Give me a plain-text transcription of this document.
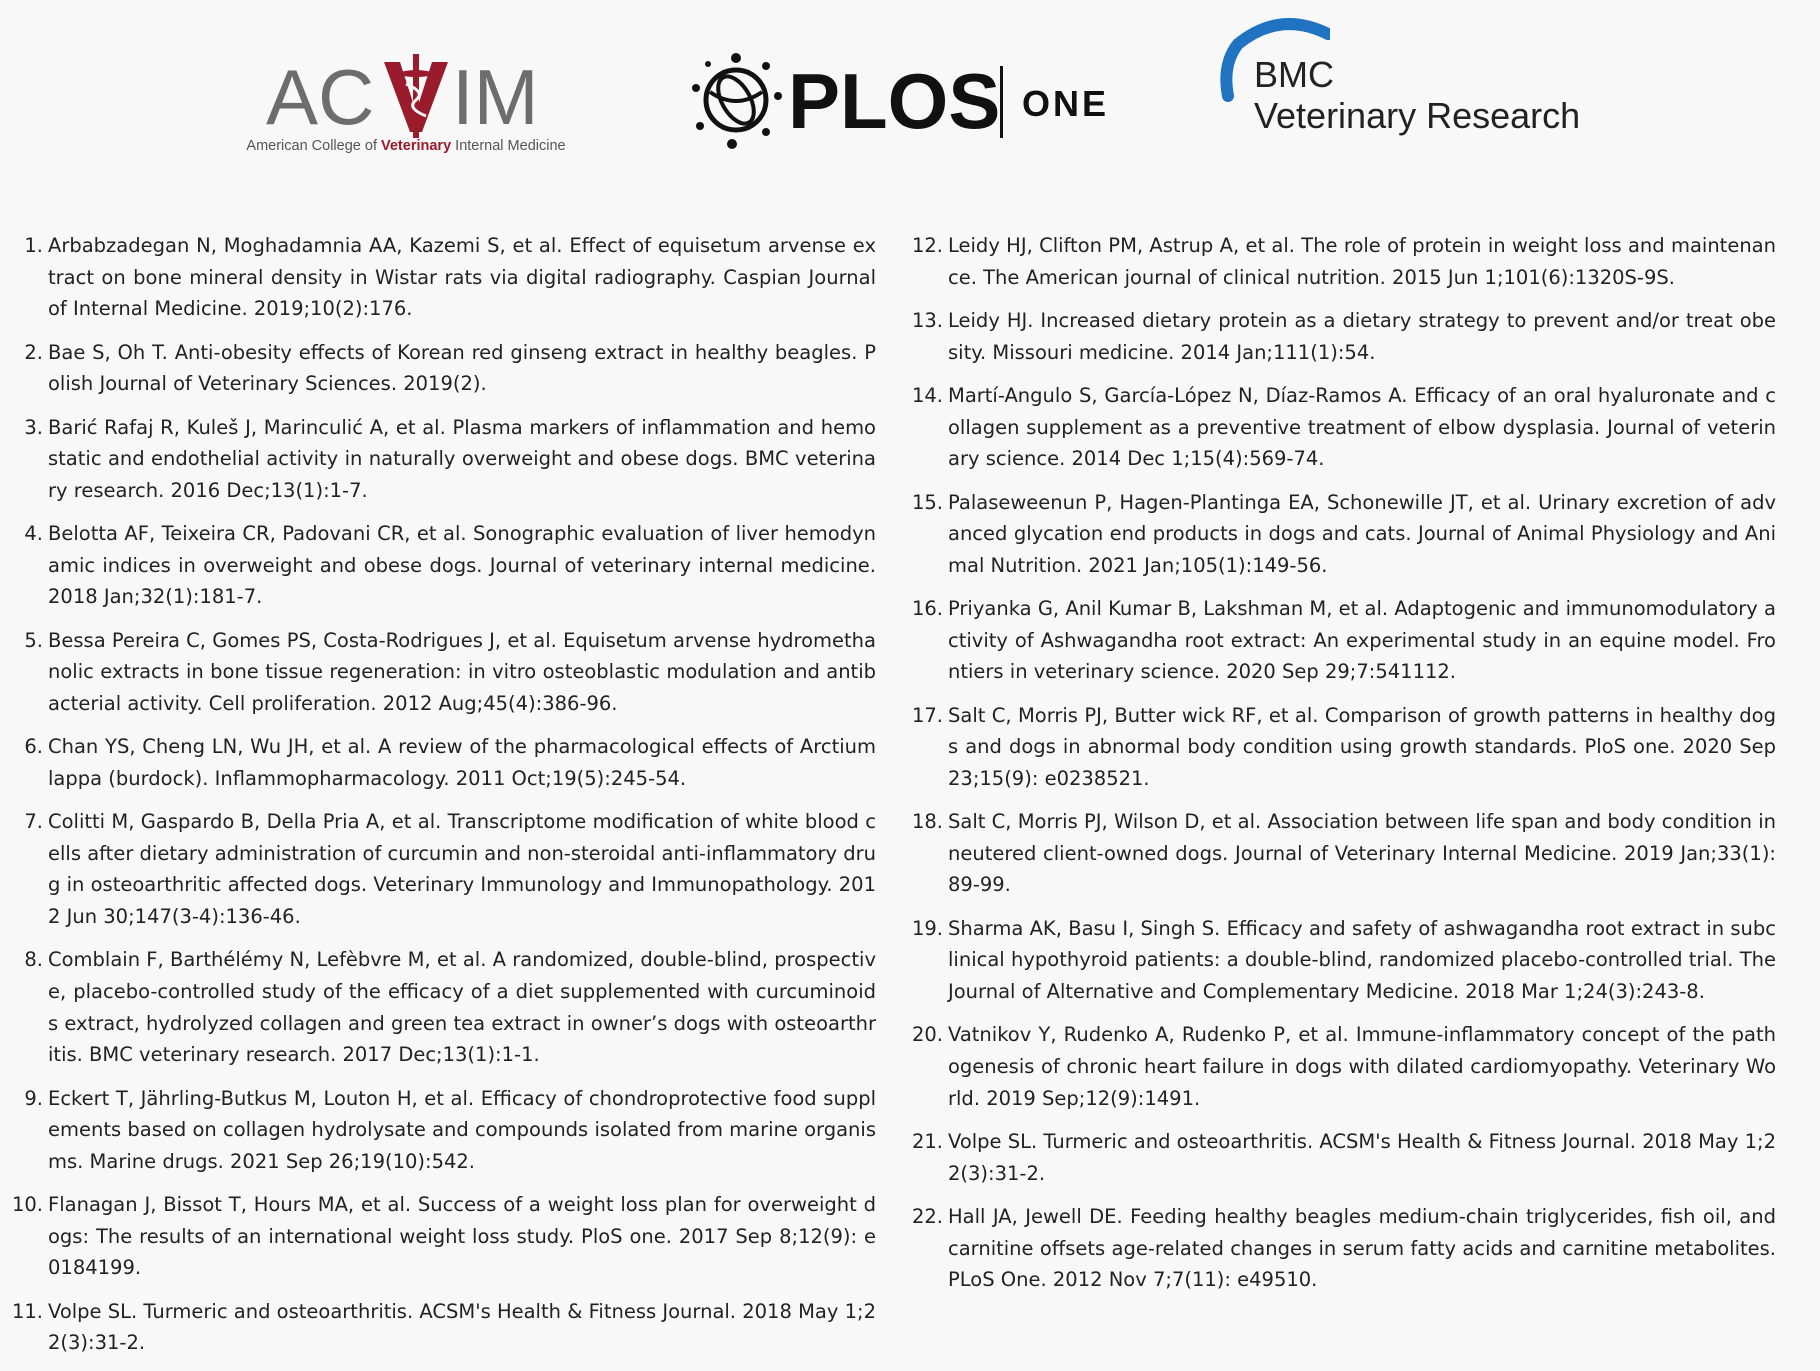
AC IM
American College of Veterinary Internal Medicine
PLOS ONE
BMC
Veterinary Research
1. Arbabzadegan N, Moghadamnia AA, Kazemi S, et al. Effect of equisetum arvense extract on bone mineral density in Wistar rats via digital radiography. Caspian Journal of Internal Medicine. 2019;10(2):176.
2. Bae S, Oh T. Anti-obesity effects of Korean red ginseng extract in healthy beagles. Polish Journal of Veterinary Sciences. 2019(2).
3. Barić Rafaj R, Kuleš J, Marinculić A, et al. Plasma markers of inflammation and hemostatic and endothelial activity in naturally overweight and obese dogs. BMC veterinary research. 2016 Dec;13(1):1-7.
4. Belotta AF, Teixeira CR, Padovani CR, et al. Sonographic evaluation of liver hemodynamic indices in overweight and obese dogs. Journal of veterinary internal medicine. 2018 Jan;32(1):181-7.
5. Bessa Pereira C, Gomes PS, Costa-Rodrigues J, et al. Equisetum arvense hydromethanolic extracts in bone tissue regeneration: in vitro osteoblastic modulation and antibacterial activity. Cell proliferation. 2012 Aug;45(4):386-96.
6. Chan YS, Cheng LN, Wu JH, et al. A review of the pharmacological effects of Arctium lappa (burdock). Inflammopharmacology. 2011 Oct;19(5):245-54.
7. Colitti M, Gaspardo B, Della Pria A, et al. Transcriptome modification of white blood cells after dietary administration of curcumin and non-steroidal anti-inflammatory drug in osteoarthritic affected dogs. Veterinary Immunology and Immunopathology. 2012 Jun 30;147(3-4):136-46.
8. Comblain F, Barthélémy N, Lefèbvre M, et al. A randomized, double-blind, prospective, placebo-controlled study of the efficacy of a diet supplemented with curcuminoids extract, hydrolyzed collagen and green tea extract in owner’s dogs with osteoarthritis. BMC veterinary research. 2017 Dec;13(1):1-1.
9. Eckert T, Jährling-Butkus M, Louton H, et al. Efficacy of chondroprotective food supplements based on collagen hydrolysate and compounds isolated from marine organisms. Marine drugs. 2021 Sep 26;19(10):542.
10. Flanagan J, Bissot T, Hours MA, et al. Success of a weight loss plan for overweight dogs: The results of an international weight loss study. PloS one. 2017 Sep 8;12(9): e0184199.
11. Volpe SL. Turmeric and osteoarthritis. ACSM's Health & Fitness Journal. 2018 May 1;22(3):31-2.
12. Leidy HJ, Clifton PM, Astrup A, et al. The role of protein in weight loss and maintenance. The American journal of clinical nutrition. 2015 Jun 1;101(6):1320S-9S.
13. Leidy HJ. Increased dietary protein as a dietary strategy to prevent and/or treat obesity. Missouri medicine. 2014 Jan;111(1):54.
14. Martí-Angulo S, García-López N, Díaz-Ramos A. Efficacy of an oral hyaluronate and collagen supplement as a preventive treatment of elbow dysplasia. Journal of veterinary science. 2014 Dec 1;15(4):569-74.
15. Palaseweenun P, Hagen-Plantinga EA, Schonewille JT, et al. Urinary excretion of advanced glycation end products in dogs and cats. Journal of Animal Physiology and Animal Nutrition. 2021 Jan;105(1):149-56.
16. Priyanka G, Anil Kumar B, Lakshman M, et al. Adaptogenic and immunomodulatory activity of Ashwagandha root extract: An experimental study in an equine model. Frontiers in veterinary science. 2020 Sep 29;7:541112.
17. Salt C, Morris PJ, Butter wick RF, et al. Comparison of growth patterns in healthy dogs and dogs in abnormal body condition using growth standards. PloS one. 2020 Sep 23;15(9): e0238521.
18. Salt C, Morris PJ, Wilson D, et al. Association between life span and body condition in neutered client-owned dogs. Journal of Veterinary Internal Medicine. 2019 Jan;33(1):89-99.
19. Sharma AK, Basu I, Singh S. Efficacy and safety of ashwagandha root extract in subclinical hypothyroid patients: a double-blind, randomized placebo-controlled trial. The Journal of Alternative and Complementary Medicine. 2018 Mar 1;24(3):243-8.
20. Vatnikov Y, Rudenko A, Rudenko P, et al. Immune-inflammatory concept of the pathogenesis of chronic heart failure in dogs with dilated cardiomyopathy. Veterinary World. 2019 Sep;12(9):1491.
21. Volpe SL. Turmeric and osteoarthritis. ACSM's Health & Fitness Journal. 2018 May 1;22(3):31-2.
22. Hall JA, Jewell DE. Feeding healthy beagles medium-chain triglycerides, fish oil, and carnitine offsets age-related changes in serum fatty acids and carnitine metabolites. PLoS One. 2012 Nov 7;7(11): e49510.
